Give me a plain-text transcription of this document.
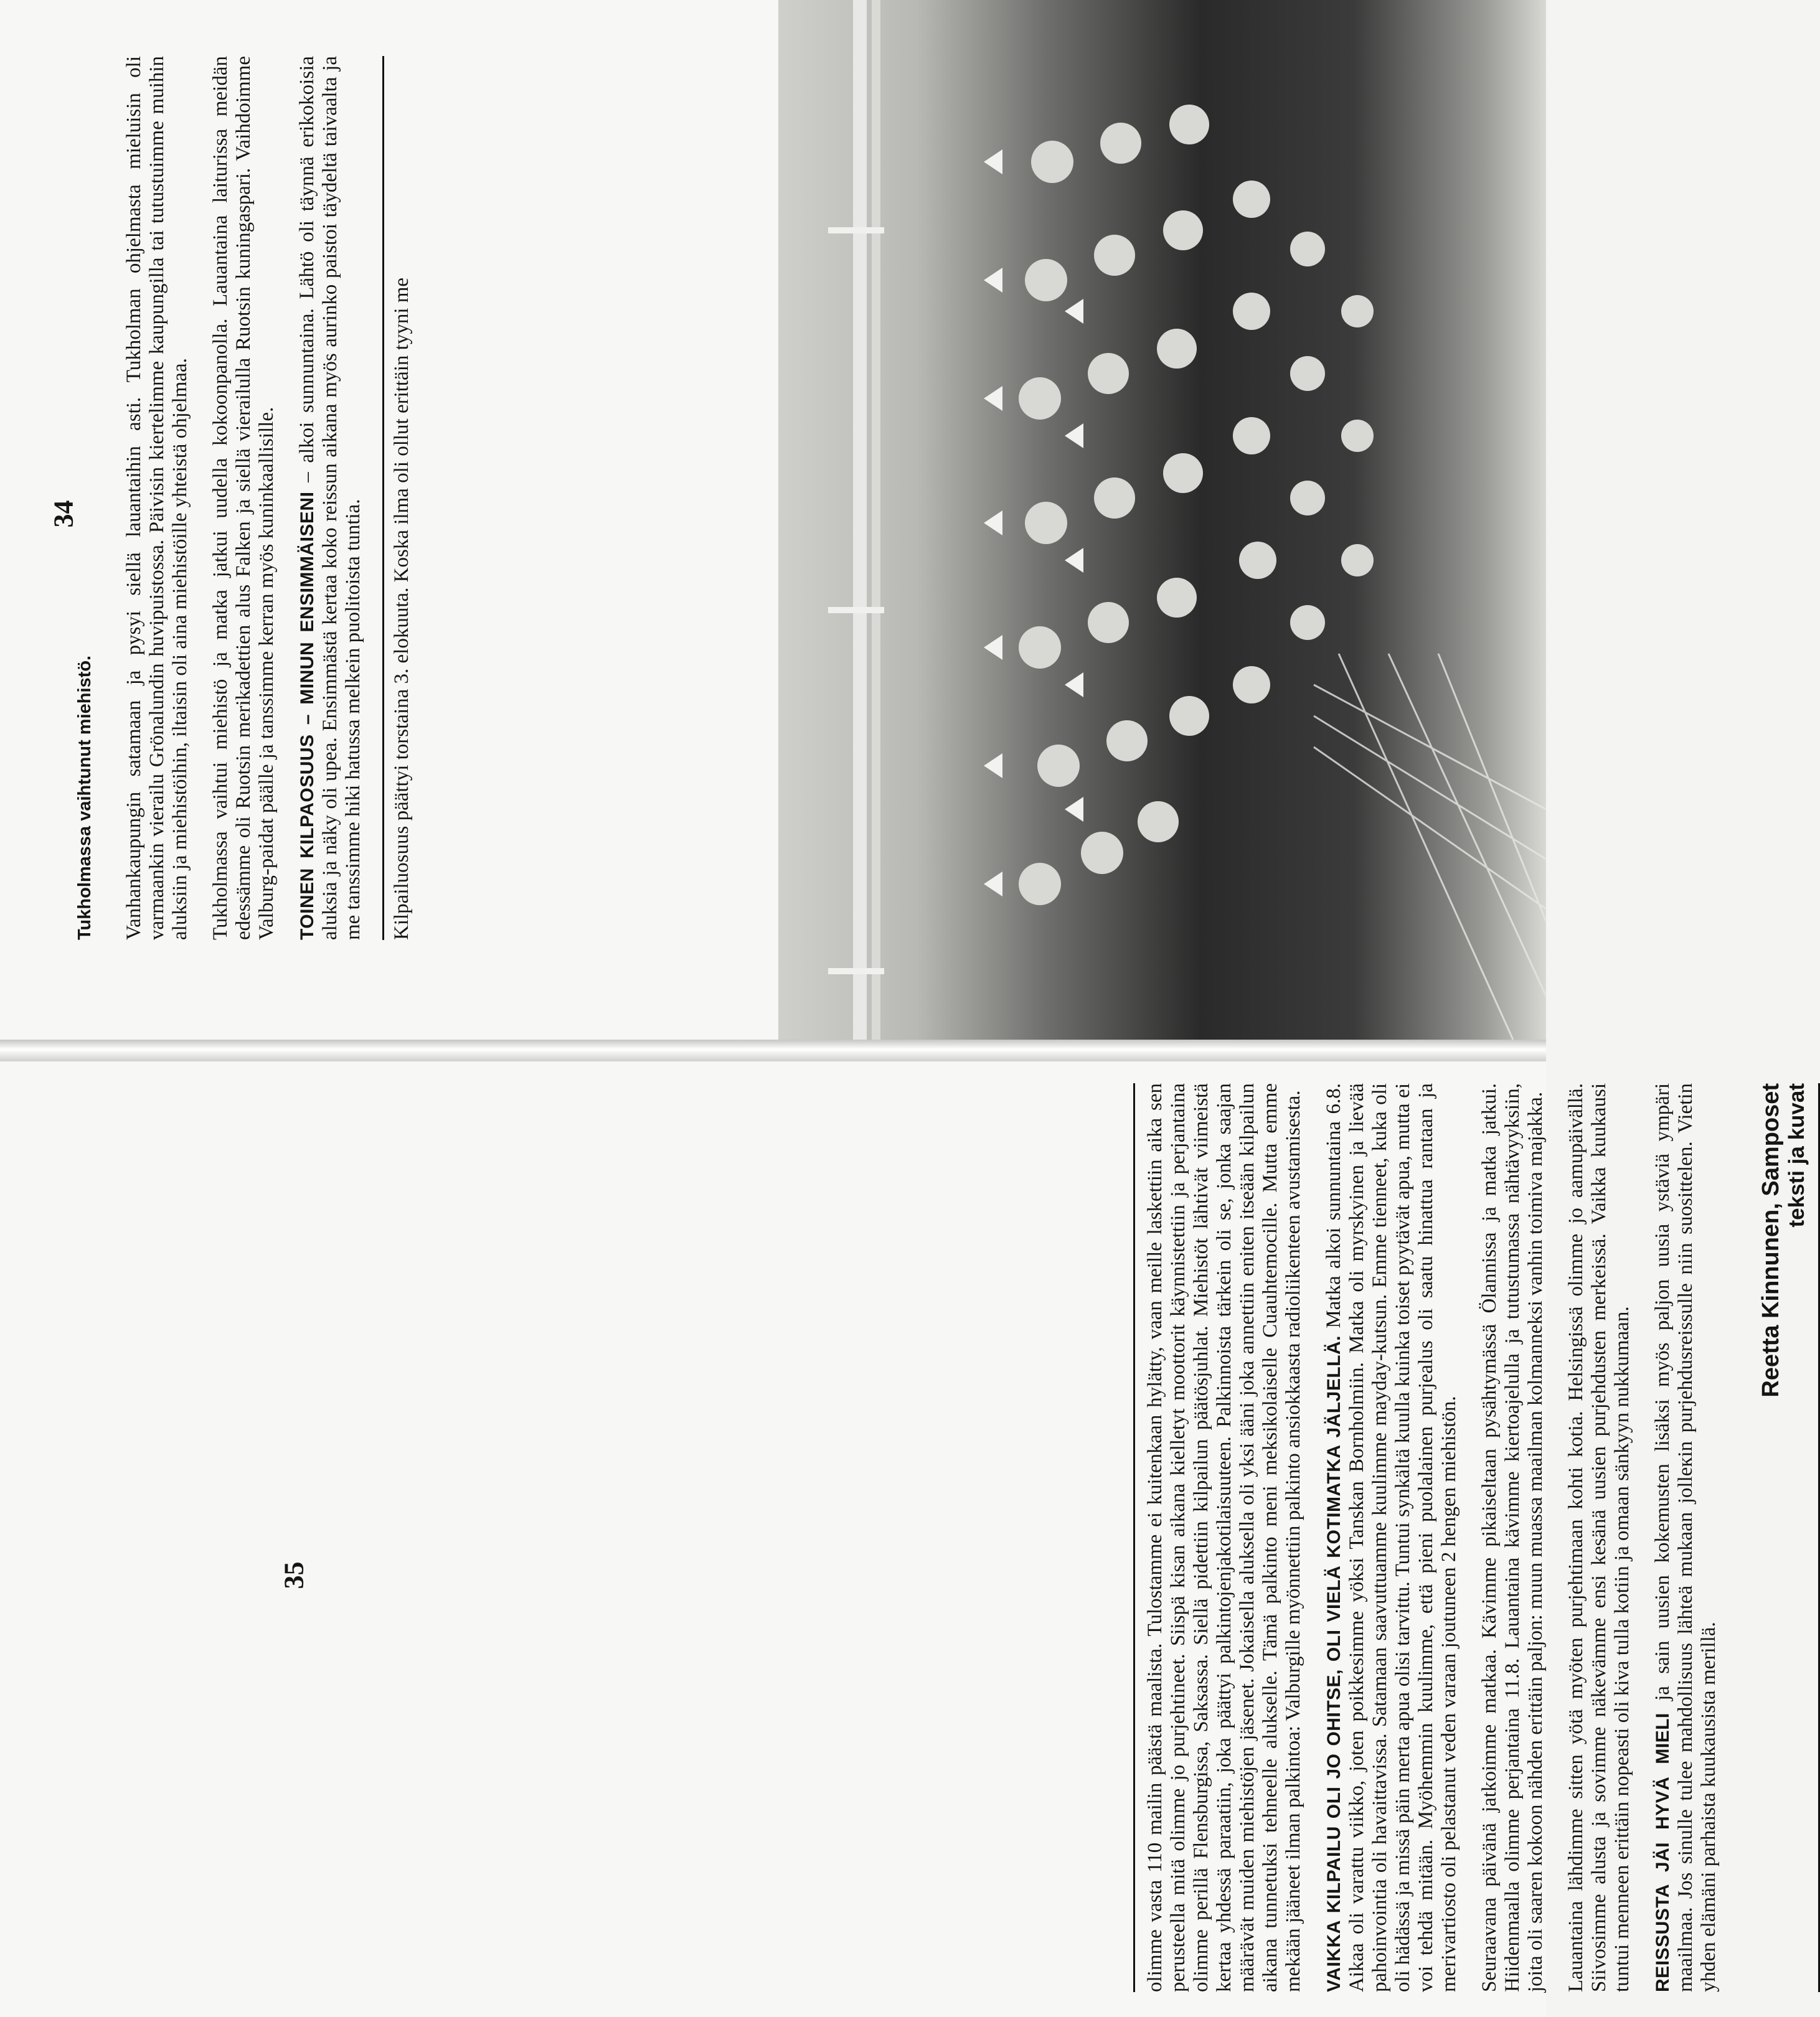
Tukholmassa vaihtunut miehistö. Vanhankaupungin satamaan ja pysyi siellä lauantaihin asti. Tukholman ohjelmasta mieluisin oli varmaankin vierailu Grönalundin huvipuistossa. Päivisin kiertelimme kaupungilla tai tutustuimme muihin aluksiin ja miehistöihin, iltaisin oli aina miehistöille yhteistä ohjelmaa. Tukholmassa vaihtui miehistö ja matka jatkui uudella kokoonpanolla. Lauantaina laiturissa meidän edessämme oli Ruotsin merikadettien alus Falken ja siellä vierailulla Ruotsin kuningaspari. Vaihdoimme Valburg-paidat päälle ja tanssimme kerran myös kuninkaallisille. TOINEN KILPAOSUUS – MINUN ENSIMMÄISENI – alkoi sunnuntaina. Lähtö oli täynnä erikokoisia aluksia ja näky oli upea. Ensimmästä kertaa koko reissun aikana myös aurinko paistoi täydeltä taivaalta ja me tanssimme hiki hatussa melkein puolitoista tuntia. Kilpailuosuus päättyi torstaina 3. elokuuta. Koska ilma oli ollut erittäin tyyni me

34
35	olimme vasta 110 mailin päästä maalista. Tulostamme ei kuitenkaan hylätty, vaan meille laskettiin aika sen perusteella mitä olimme jo purjehtineet. Siispä kisan aikana kielletyt moottorit käynnistettiin ja perjantaina olimme perillä Flensburgissa, Saksassa. Siellä pidettiin kilpailun päätösjuhlat. Miehistöt lähtivät viimeistä kertaa yhdessä paraatiin, joka päättyi palkintojenjakotilaisuuteen. Palkinnoista tärkein oli se, jonka saajan määrävät muiden miehistöjen jäsenet. Jokaisella aluksella oli yksi ääni joka annettiin eniten itseään kilpailun aikana tunnetuksi tehneelle alukselle. Tämä palkinto meni meksikolaiselle Cuauhtemocille. Mutta emme mekään jääneet ilman palkintoa: Valburgille myönnettiin palkinto ansiokkaasta radioliikenteen avustamisesta. VAIKKA KILPAILU OLI JO OHITSE, OLI VIELÄ KOTIMATKA JÄLJELLÄ. Matka alkoi sunnuntaina 6.8. Aikaa oli varattu viikko, joten poikkesimme yöksi Tanskan Bornholmiin. Matka oli myrskyinen ja lievää pahoinvointia oli havaittavissa. Satamaan saavuttuamme kuulimme mayday-kutsun. Emme tienneet, kuka oli oli hädässä ja missä päin merta apua olisi tarvittu. Tuntui synkältä kuulla kuinka toiset pyytävät apua, mutta ei voi tehdä mitään. Myöhemmin kuulimme, että pieni puolalainen purjealus oli saatu hinattua rantaan ja merivartiosto oli pelastanut veden varaan joutuneen 2 hengen miehistön. Seuraavana päivänä jatkoimme matkaa. Kävimme pikaiseltaan pysähtymässä Ölannissa ja matka jatkui. Hiidenmaalla olimme perjantaina 11.8. Lauantaina kävimme kiertoajelulla ja tutustumassa nähtävyyksiin, joita oli saaren kokoon nähden erittäin paljon: muun muassa maailman kolmanneksi vanhin toimiva majakka. Lauantaina lähdimme sitten yötä myöten purjehtimaan kohti kotia. Helsingissä olimme jo aamupäivällä. Siivosimme alusta ja sovimme näkevämme ensi kesänä uusien purjehdusten merkeissä. Vaikka kuukausi tuntui menneen erittäin nopeasti oli kiva tulla kotiin ja omaan sänkyyn nukkumaan. REISSUSTA JÄI HYVÄ MIELI ja sain uusien kokemusten lisäksi myös paljon uusia ystäviä ympäri maailmaa. Jos sinulle tulee mahdollisuus lähteä mukaan jolleкin purjehdusreissulle niin suosittelen. Vietin yhden elämäni parhaista kuukausista merillä.

Reetta Kinnunen, Samposet teksti ja kuvat
